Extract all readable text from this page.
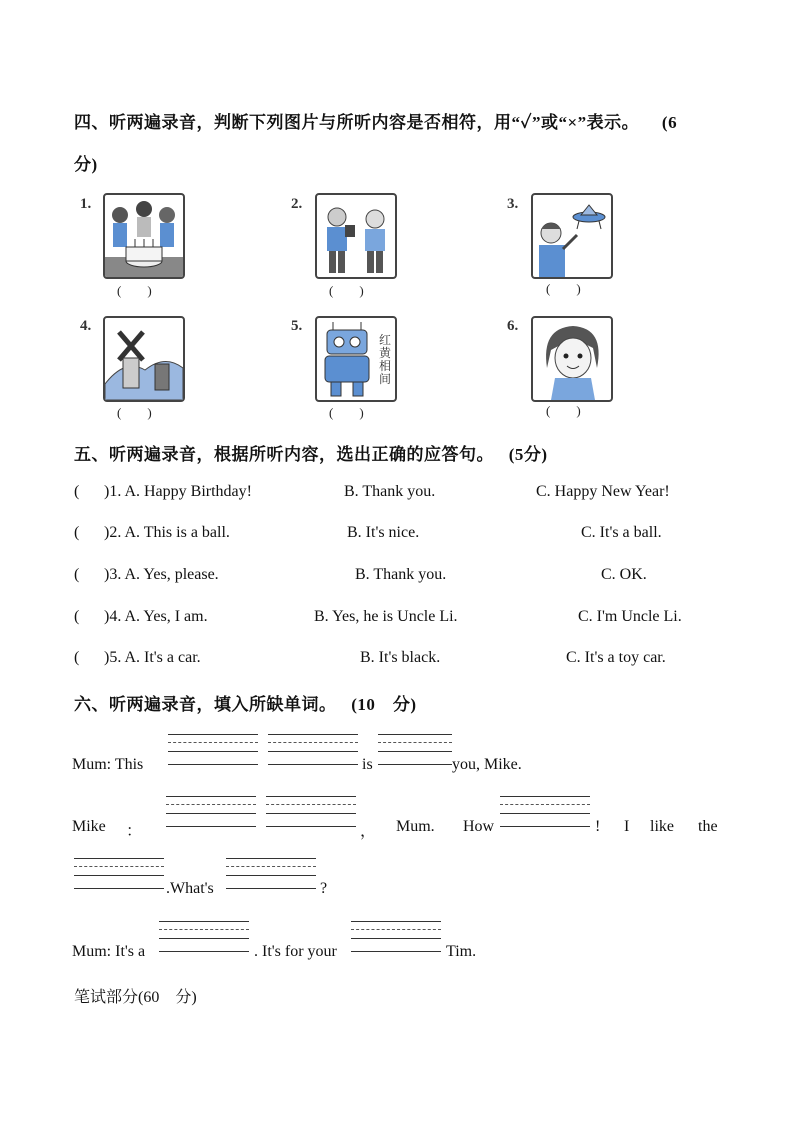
四、听两遍录音，判断下列图片与所听内容是否相符，用“✓”或“×”表示。 (6
分)
1.
(　　)
2.
(　　)
3.
(　　)
4.
(　　)
5.
红黄相间
(　　)
6.
(　　)
五、听两遍录音，根据所听内容，选出正确的应答句。 (5分)
( )1. A. Happy Birthday!	B. Thank you.	C. Happy New Year!
( )2. A. This is a ball.	B. It's nice.	C. It's a ball.
( )3. A. Yes, please.	B. Thank you.	C. OK.
( )4. A. Yes, I am.	B. Yes, he is Uncle Li.	C. I'm Uncle Li.
( )5. A. It's a car.	B. It's black.	C. It's a toy car.
六、听两遍录音，填入所缺单词。 (10　分)
Mum: This	is	you, Mike.
Mike ：	， Mum. How	! I like the
.What's	?
Mum: It's a	. It's for your	Tim.
笔试部分(60　分)
